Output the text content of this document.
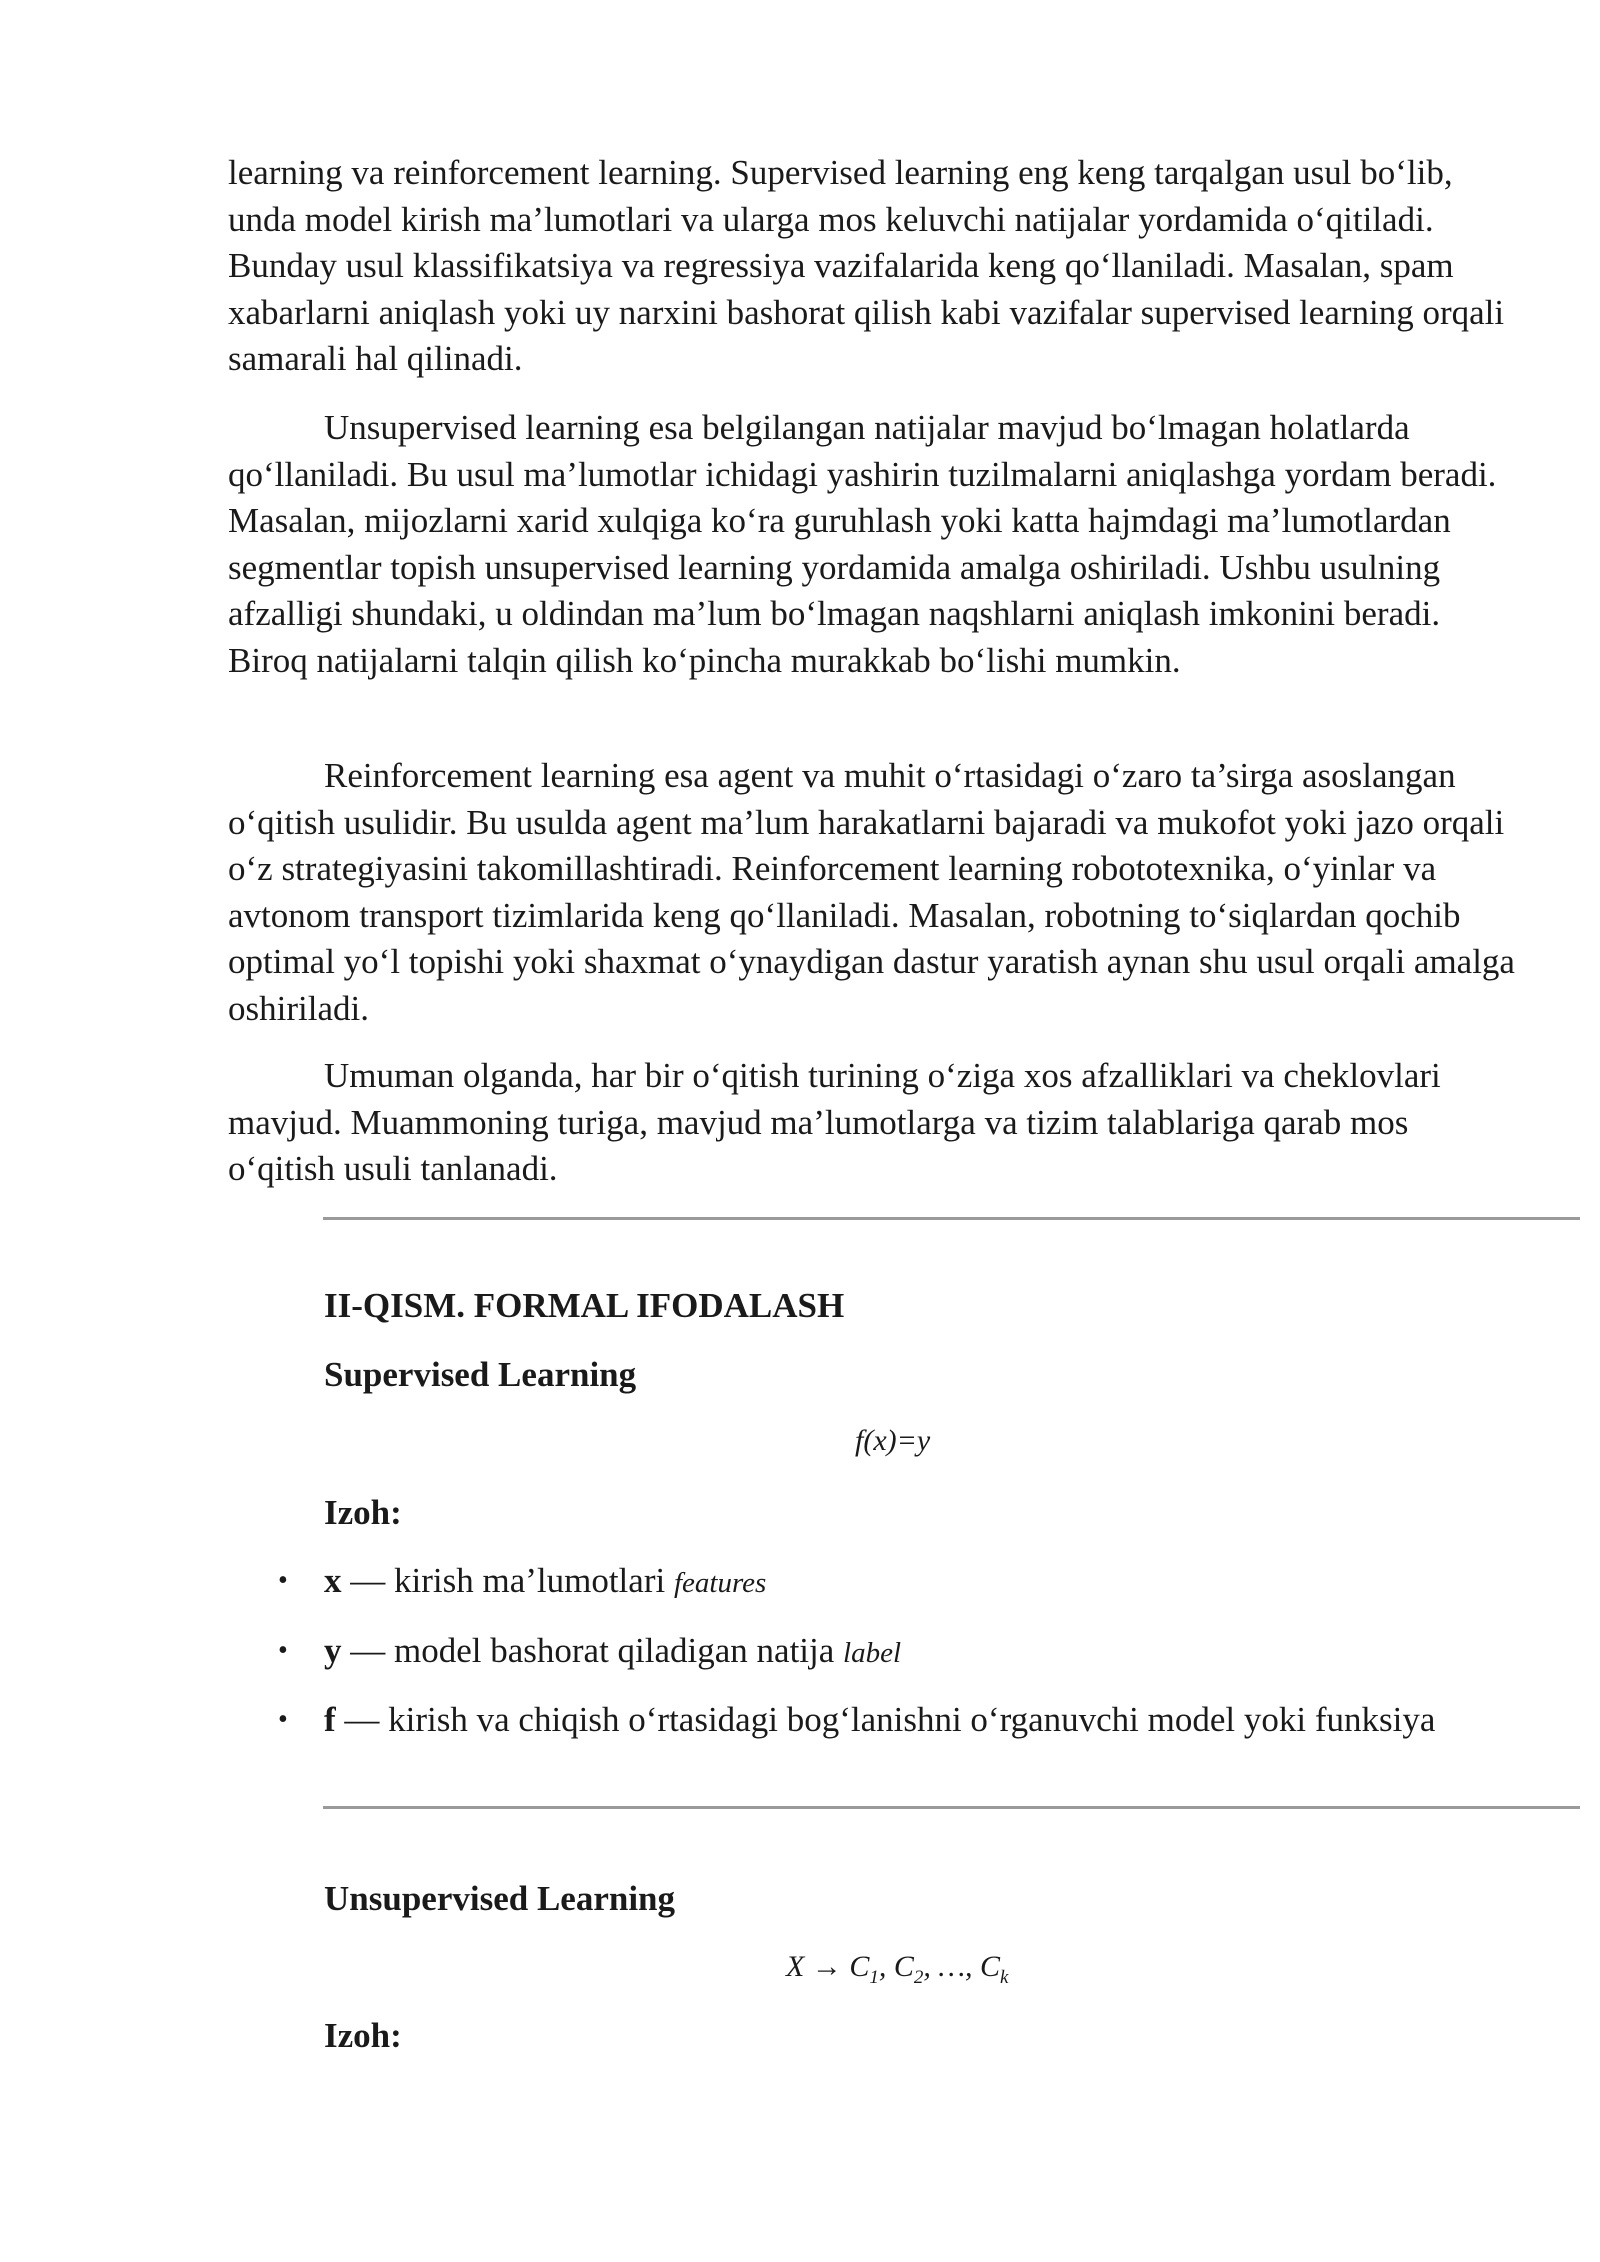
learning va reinforcement learning. Supervised learning eng keng tarqalgan usul bo‘lib, unda model kirish ma’lumotlari va ularga mos keluvchi natijalar yordamida o‘qitiladi. Bunday usul klassifikatsiya va regressiya vazifalarida keng qo‘llaniladi. Masalan, spam xabarlarni aniqlash yoki uy narxini bashorat qilish kabi vazifalar supervised learning orqali samarali hal qilinadi.

Unsupervised learning esa belgilangan natijalar mavjud bo‘lmagan holatlarda qo‘llaniladi. Bu usul ma’lumotlar ichidagi yashirin tuzilmalarni aniqlashga yordam beradi. Masalan, mijozlarni xarid xulqiga ko‘ra guruhlash yoki katta hajmdagi ma’lumotlardan segmentlar topish unsupervised learning yordamida amalga oshiriladi. Ushbu usulning afzalligi shundaki, u oldindan ma’lum bo‘lmagan naqshlarni aniqlash imkonini beradi. Biroq natijalarni talqin qilish ko‘pincha murakkab bo‘lishi mumkin.

Reinforcement learning esa agent va muhit o‘rtasidagi o‘zaro ta’sirga asoslangan o‘qitish usulidir. Bu usulda agent ma’lum harakatlarni bajaradi va mukofot yoki jazo orqali o‘z strategiyasini takomillashtiradi. Reinforcement learning robototexnika, o‘yinlar va avtonom transport tizimlarida keng qo‘llaniladi. Masalan, robotning to‘siqlardan qochib optimal yo‘l topishi yoki shaxmat o‘ynaydigan dastur yaratish aynan shu usul orqali amalga oshiriladi.

Umuman olganda, har bir o‘qitish turining o‘ziga xos afzalliklari va cheklovlari mavjud. Muammoning turiga, mavjud ma’lumotlarga va tizim talablariga qarab mos o‘qitish usuli tanlanadi.

II-QISM. FORMAL IFODALASH
Supervised Learning
f(x)=y
Izoh:
• x — kirish ma’lumotlari features
• y — model bashorat qiladigan natija label
• f — kirish va chiqish o‘rtasidagi bog‘lanishni o‘rganuvchi model yoki funksiya
Unsupervised Learning
$X \to C_1$, $C_2$, …, $C_k$
Izoh:
